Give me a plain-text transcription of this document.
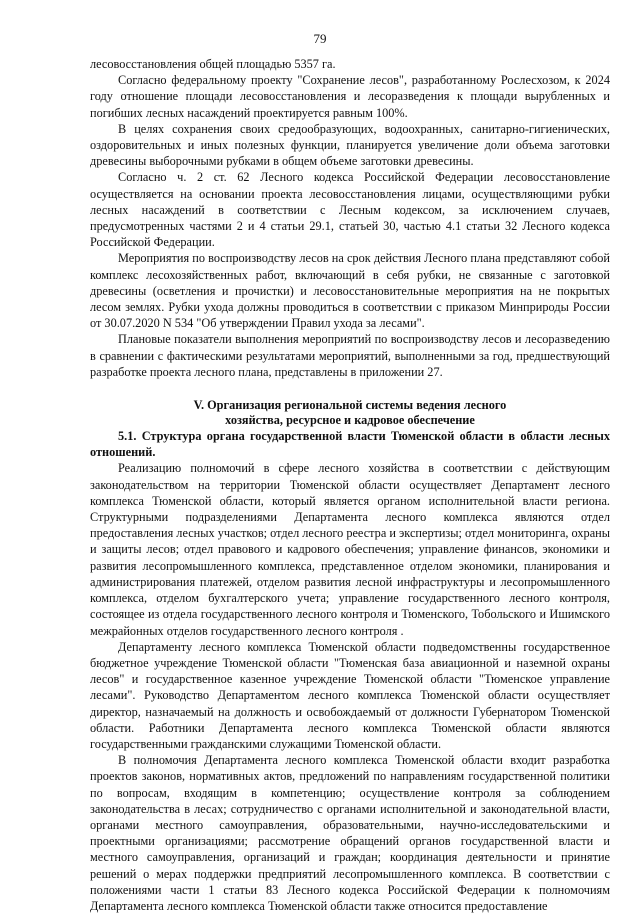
79

лесовосстановления общей площадью 5357 га.

Согласно федеральному проекту "Сохранение лесов", разработанному Рослесхозом, к 2024 году отношение площади лесовосстановления и лесоразведения к площади вырубленных и погибших лесных насаждений проектируется равным 100%.

В целях сохранения своих средообразующих, водоохранных, санитарно-гигиенических, оздоровительных и иных полезных функции, планируется увеличение доли объема заготовки древесины выборочными рубками в общем объеме заготовки древесины.

Согласно ч. 2 ст. 62 Лесного кодекса Российской Федерации лесовосстановление осуществляется на основании проекта лесовосстановления лицами, осуществляющими рубки лесных насаждений в соответствии с Лесным кодексом, за исключением случаев, предусмотренных частями 2 и 4 статьи 29.1, статьей 30, частью 4.1 статьи 32 Лесного кодекса Российской Федерации.

Мероприятия по воспроизводству лесов на срок действия Лесного плана представляют собой комплекс лесохозяйственных работ, включающий в себя рубки, не связанные с заготовкой древесины (осветления и прочистки) и лесовосстановительные мероприятия на не покрытых лесом землях. Рубки ухода должны проводиться в соответствии с приказом Минприроды России от 30.07.2020 N 534 "Об утверждении Правил ухода за лесами".

Плановые показатели выполнения мероприятий по воспроизводству лесов и лесоразведению в сравнении с фактическими результатами мероприятий, выполненными за год, предшествующий разработке проекта лесного плана, представлены в приложении 27.

V. Организация региональной системы ведения лесного
хозяйства, ресурсное и кадровое обеспечение

5.1. Структура органа государственной власти Тюменской области в области лесных отношений.

Реализацию полномочий в сфере лесного хозяйства в соответствии с действующим законодательством на территории Тюменской области осуществляет Департамент лесного комплекса Тюменской области, который является органом исполнительной власти региона. Структурными подразделениями Департамента лесного комплекса являются отдел предоставления лесных участков; отдел лесного реестра и экспертизы; отдел мониторинга, охраны и защиты лесов; отдел правового и кадрового обеспечения; управление финансов, экономики и развития лесопромышленного комплекса, представленное отделом экономики, планирования и администрирования платежей, отделом развития лесной инфраструктуры и лесопромышленного комплекса, отделом бухгалтерского учета; управление государственного лесного контроля, состоящее из отдела государственного лесного контроля и Тюменского, Тобольского и Ишимского межрайонных отделов государственного лесного контроля .

Департаменту лесного комплекса Тюменской области подведомственны государственное бюджетное учреждение Тюменской области "Тюменская база авиационной и наземной охраны лесов" и государственное казенное учреждение Тюменской области "Тюменское управление лесами". Руководство Департаментом лесного комплекса Тюменской области осуществляет директор, назначаемый на должность и освобождаемый от должности Губернатором Тюменской области. Работники Департамента лесного комплекса Тюменской области являются государственными гражданскими служащими Тюменской области.

В полномочия Департамента лесного комплекса Тюменской области входит разработка проектов законов, нормативных актов, предложений по направлениям государственной политики по вопросам, входящим в компетенцию; осуществление контроля за соблюдением законодательства в лесах; сотрудничество с органами исполнительной и законодательной власти, органами местного самоуправления, образовательными, научно-исследовательскими и проектными организациями; рассмотрение обращений органов государственной власти и местного самоуправления, организаций и граждан; координация деятельности и принятие решений о мерах поддержки предприятий лесопромышленного комплекса. В соответствии с положениями части 1 статьи 83 Лесного кодекса Российской Федерации к полномочиям Департамента лесного комплекса Тюменской области также относится предоставление
